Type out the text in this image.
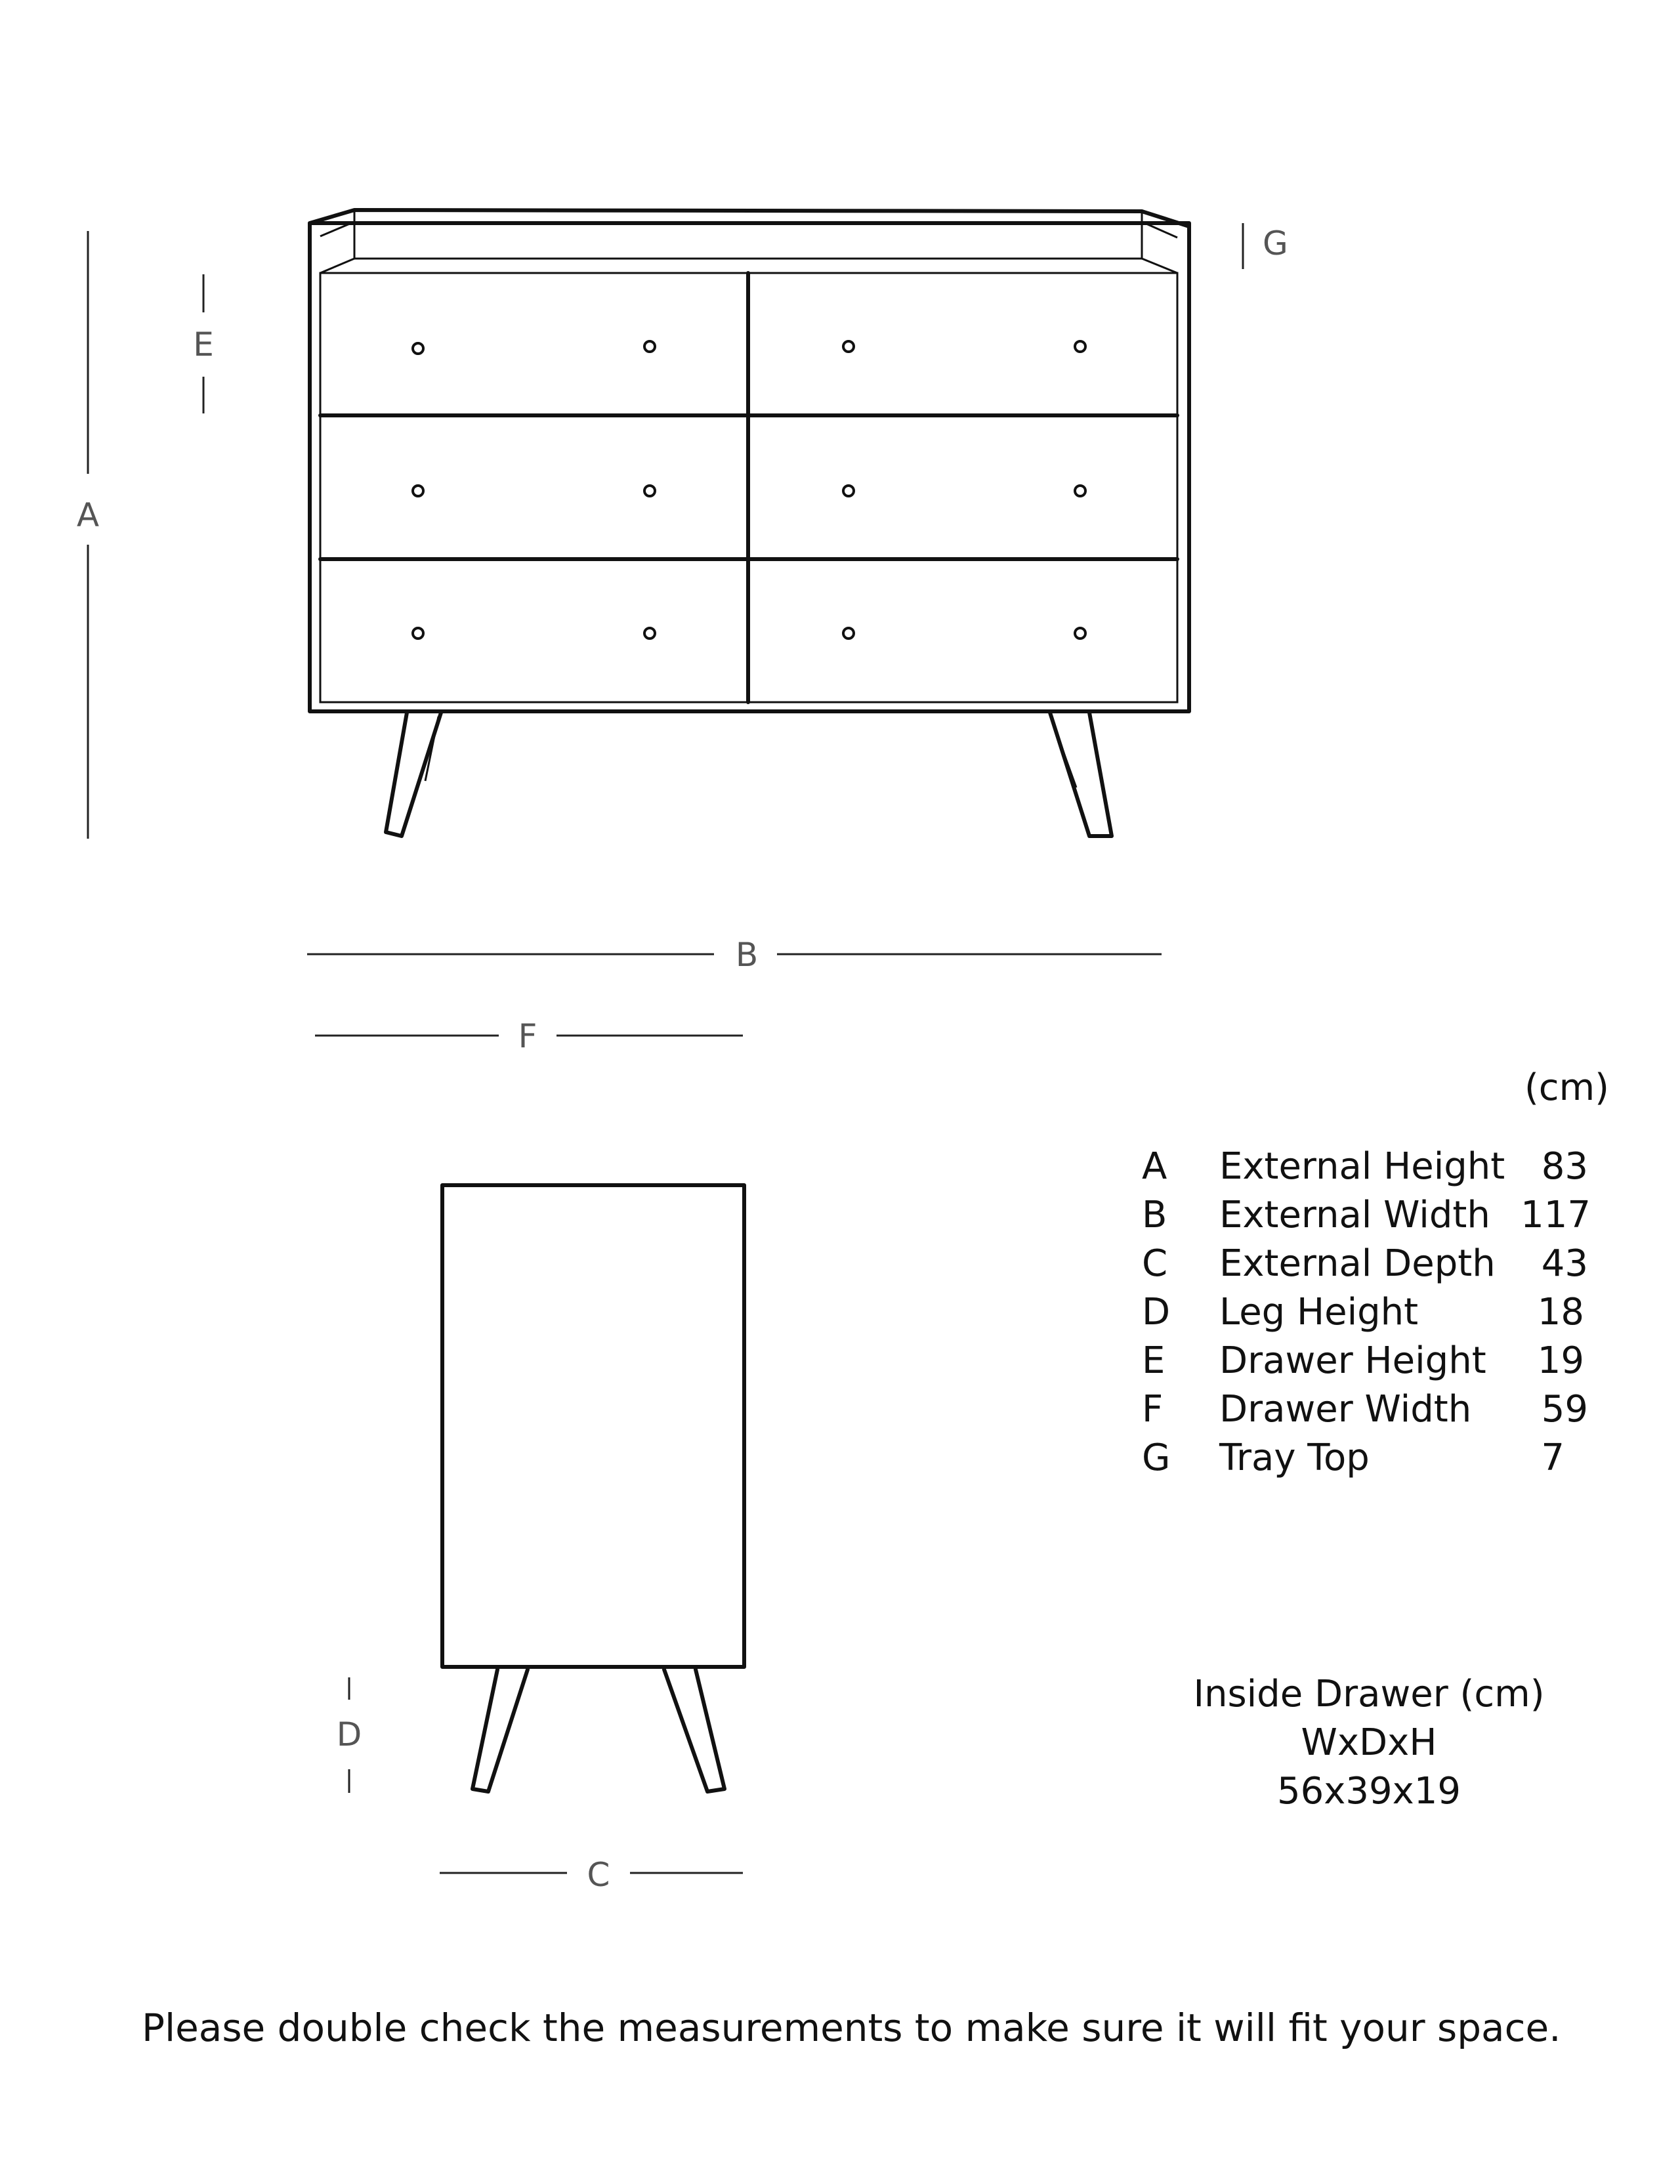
A
E
G
B
F
D
C
(cm)
A External Height 83
B External Width 117
C External Depth 43
D Leg Height	18
E Drawer Height 19
F Drawer Width 59
G Tray Top	7
Inside Drawer (cm)
WxDxH
56x39x19
Please double check the measurements to make sure it will fit your space.
